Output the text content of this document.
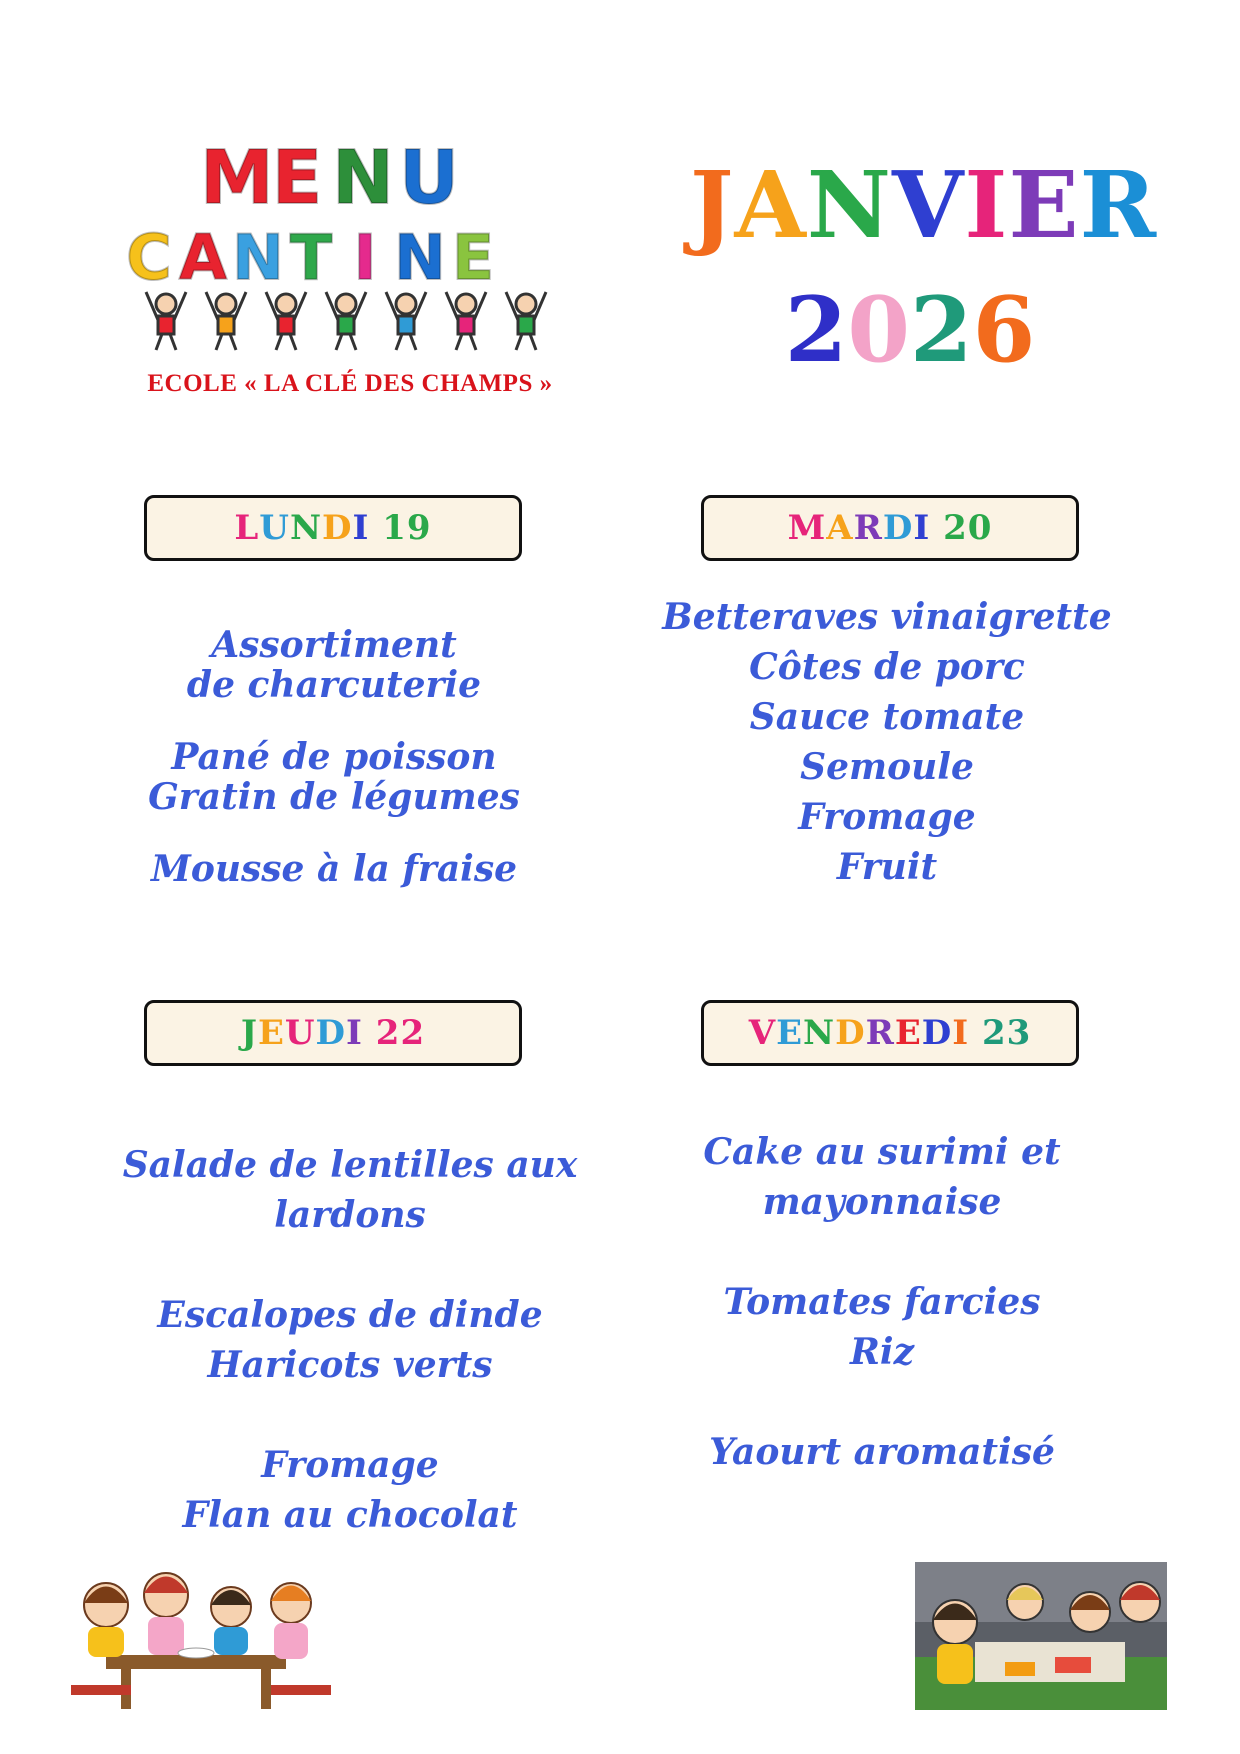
M
E N U
C A N T I N E
ECOLE « LA CLÉ DES CHAMPS »
JANVIER
2026
L U N D I
19	M A R D I
20
J E U D I
22	V E N D R E D I
23
Assortiment
de charcuterie
Pané de poisson
Gratin de légumes
Mousse à la fraise
Betteraves vinaigrette
Côtes de porc
Sauce tomate
Semoule
Fromage
Fruit
Salade de lentilles aux
lardons
Escalopes de dinde
Haricots verts
Fromage
Flan au chocolat
Cake au surimi et
mayonnaise
Tomates farcies
Riz
Yaourt aromatisé
